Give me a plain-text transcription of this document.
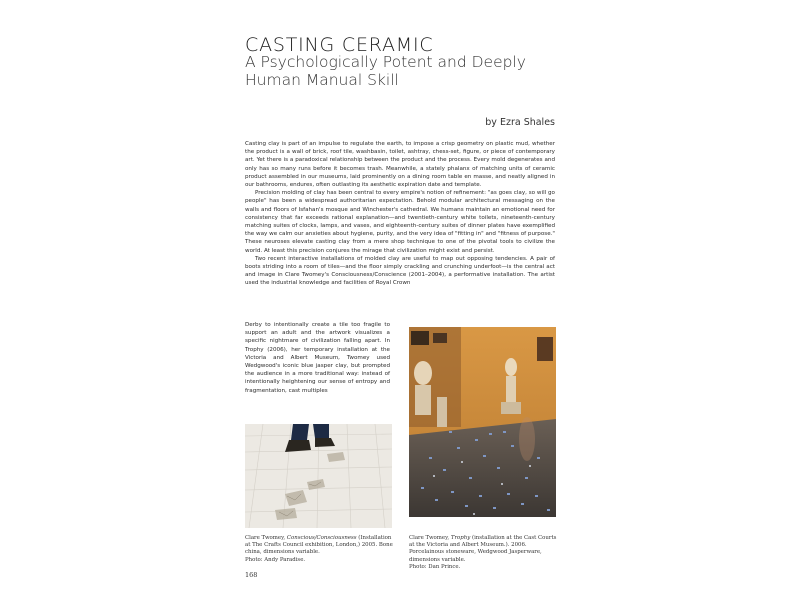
CASTING CERAMIC
A Psychologically Potent and Deeply Human Manual Skill
by Ezra Shales

Casting clay is part of an impulse to regulate the earth, to impose a crisp geometry on plastic mud, whether the product is a wall of brick, roof tile, washbasin, toilet, ashtray, chess-set, figure, or piece of contemporary art. Yet there is a paradoxical relationship between the product and the process. Every mold degenerates and only has so many runs before it becomes trash. Meanwhile, a stately phalanx of matching units of ceramic product assembled in our museums, laid prominently on a dining room table en masse, and neatly aligned in our bathrooms, endures, often outlasting its aesthetic expiration date and template.

Precision molding of clay has been central to every empire's notion of refinement: "as goes clay, so will go people" has been a widespread authoritarian expectation. Behold modular architectural messaging on the walls and floors of Isfahan's mosque and Winchester's cathedral. We humans maintain an emotional need for consistency that far exceeds rational explanation—and twentieth-century white toilets, nineteenth-century matching suites of clocks, lamps, and vases, and eighteenth-century suites of dinner plates have exemplified the way we calm our anxieties about hygiene, purity, and the very idea of "fitting in" and "fitness of purpose." These neuroses elevate casting clay from a mere shop technique to one of the pivotal tools to civilize the world. At least this precision conjures the mirage that civilization might exist and persist.

Two recent interactive installations of molded clay are useful to map out opposing tendencies. A pair of boots striding into a room of tiles—and the floor simply crackling and crunching underfoot—is the central act and image in Clare Twomey's Consciousness/Conscience (2001–2004), a performative installation. The artist used the industrial knowledge and facilities of Royal Crown

Derby to intentionally create a tile too fragile to support an adult and the artwork visualizes a specific nightmare of civilization falling apart. In Trophy (2006), her temporary installation at the Victoria and Albert Museum, Twomey used Wedgwood's iconic blue jasper clay, but prompted the audience in a more traditional way: instead of intentionally heightening our sense of entropy and fragmentation, cast multiples

Clare Twomey, Conscious/Consciousness (Installation at The Crafts Council exhibition, London,) 2005. Bone china, dimensions variable.
Photo: Andy Paradise.

Clare Twomey, Trophy (installation at the Cast Courts at the Victoria and Albert Museum.). 2006. Porcelainous stoneware, Wedgwood Jasperware, dimensions variable.
Photo: Dan Prince.

168
